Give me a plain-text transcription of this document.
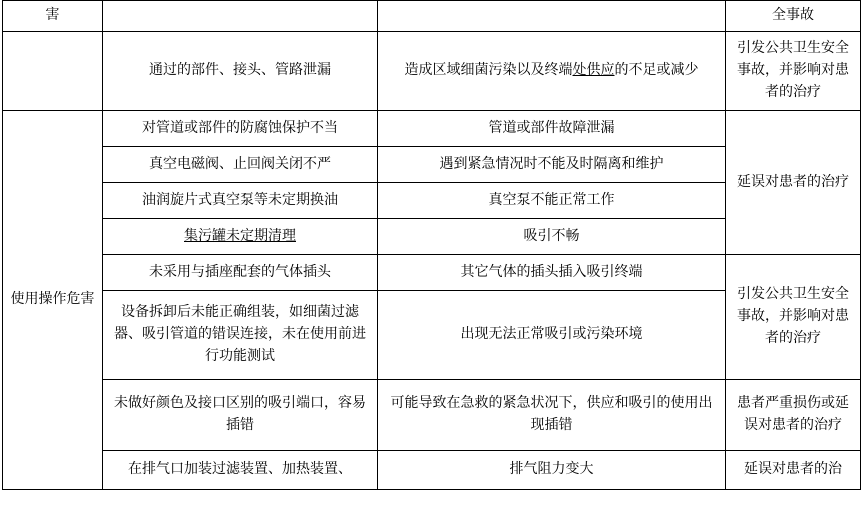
害			全事故

	通过的部件、接头、管路泄漏	造成区域细菌污染以及终端处供应的不足或减少	引发公共卫生安全事故，并影响对患者的治疗

使用操作危害	对管道或部件的防腐蚀保护不当	管道或部件故障泄漏	延误对患者的治疗

	真空电磁阀、止回阀关闭不严	遇到紧急情况时不能及时隔离和维护	

	油润旋片式真空泵等未定期换油	真空泵不能正常工作	

	集污罐未定期清理	吸引不畅	

	未采用与插座配套的气体插头	其它气体的插头插入吸引终端	引发公共卫生安全事故，并影响对患者的治疗

	设备拆卸后未能正确组装，如细菌过滤器、吸引管道的错误连接，未在使用前进行功能测试	出现无法正常吸引或污染环境	

	未做好颜色及接口区别的吸引端口，容易插错	可能导致在急救的紧急状况下，供应和吸引的使用出现插错	患者严重损伤或延误对患者的治疗

	在排气口加装过滤装置、加热装置、	排气阻力变大	延误对患者的治
